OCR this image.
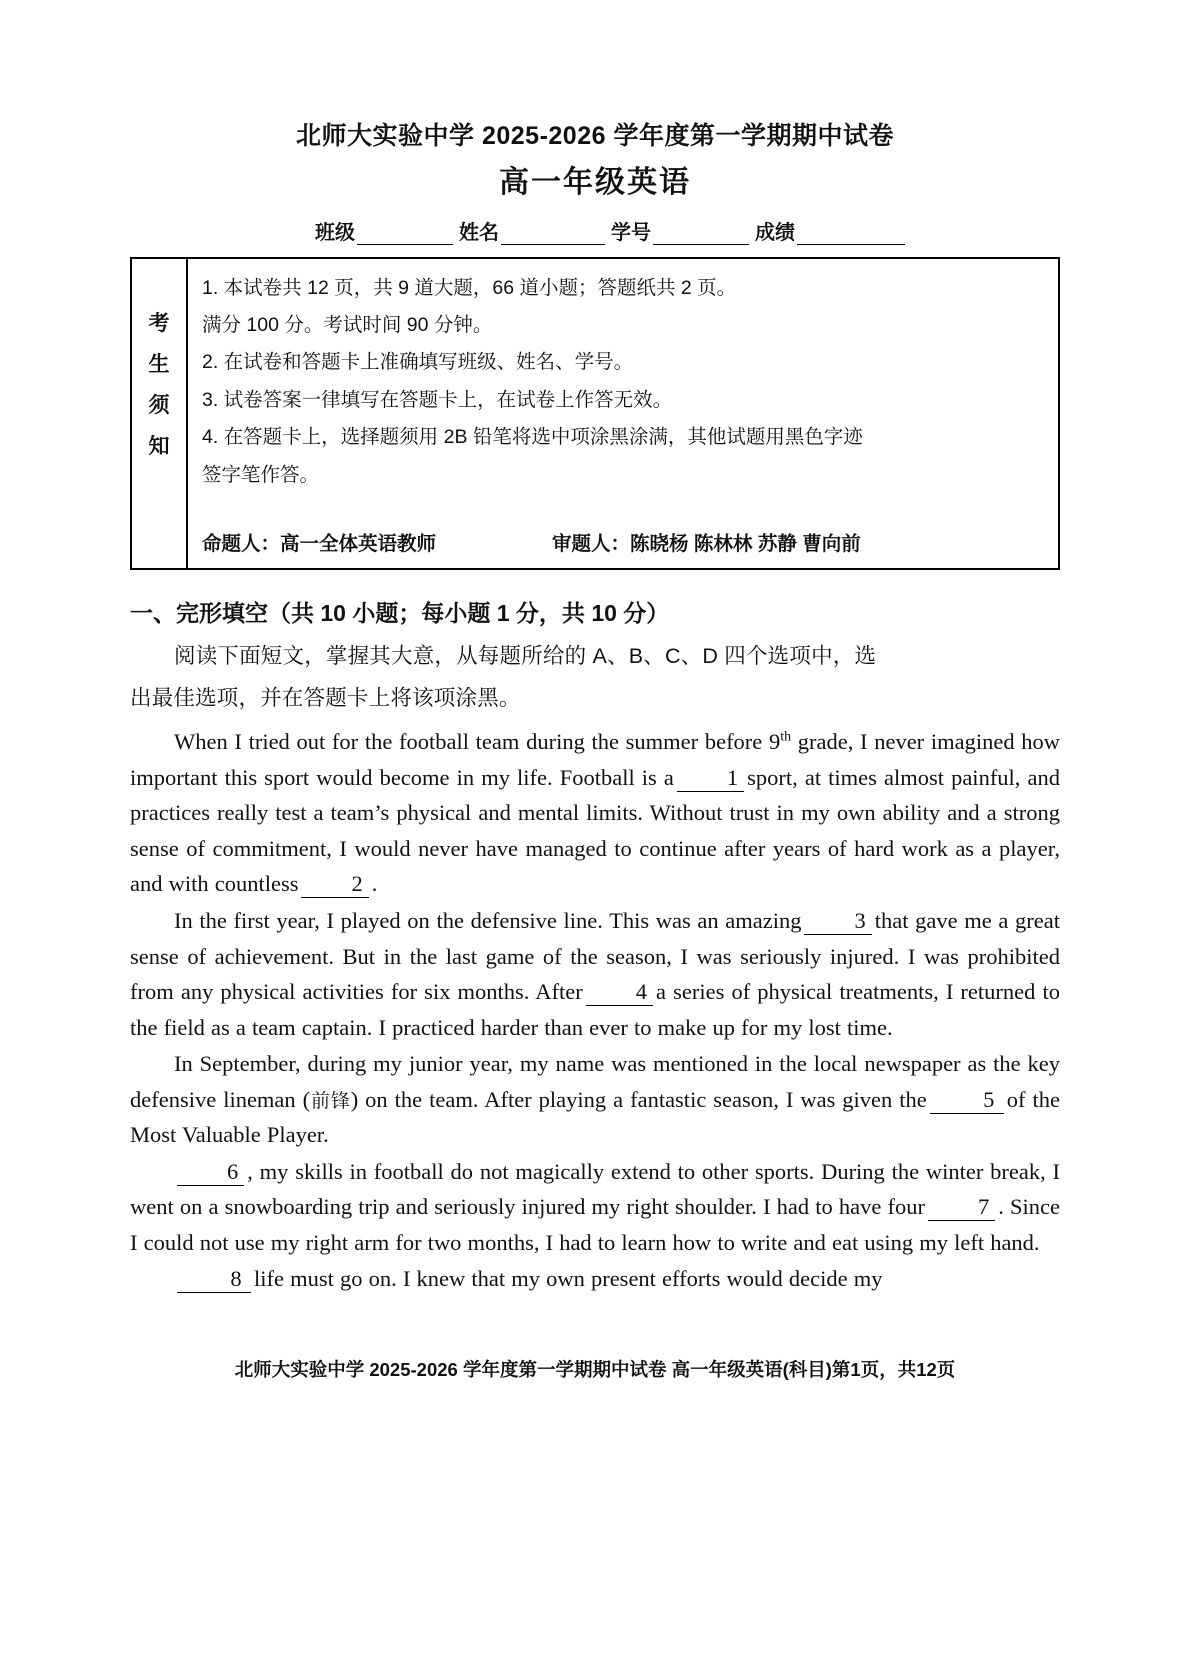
北师大实验中学 2025-2026 学年度第一学期期中试卷
高一年级英语
班级	姓名	学号	成绩
考
生
须
知
1. 本试卷共 12 页，共 9 道大题，66 道小题；答题纸共 2 页。
满分 100 分。考试时间 90 分钟。
2. 在试卷和答题卡上准确填写班级、姓名、学号。
3. 试卷答案一律填写在答题卡上，在试卷上作答无效。
4. 在答题卡上，选择题须用 2B 铅笔将选中项涂黑涂满，其他试题用黑色字迹
签字笔作答。
命题人：高一全体英语教师	审题人：陈晓杨 陈林林 苏静 曹向前
一、完形填空（共 10 小题；每小题 1 分，共 10 分）
阅读下面短文，掌握其大意，从每题所给的 A、B、C、D 四个选项中，选
出最佳选项，并在答题卡上将该项涂黑。

When I tried out for the football team during the summer before 9th grade, I never imagined how important this sport would become in my life. Football is a 1 sport, at times almost painful, and practices really test a team’s physical and mental limits. Without trust in my own ability and a strong sense of commitment, I would never have managed to continue after years of hard work as a player, and with countless 2 .

In the first year, I played on the defensive line. This was an amazing 3 that gave me a great sense of achievement. But in the last game of the season, I was seriously injured. I was prohibited from any physical activities for six months. After 4 a series of physical treatments, I returned to the field as a team captain. I practiced harder than ever to make up for my lost time.

In September, during my junior year, my name was mentioned in the local newspaper as the key defensive lineman (前锋) on the team. After playing a fantastic season, I was given the	5 of the Most Valuable Player.

6 , my skills in football do not magically extend to other sports. During the winter break, I went on a snowboarding trip and seriously injured my right shoulder. I had to have four 7 . Since I could not use my right arm for two months, I had to learn how to write and eat using my left hand.

8 life must go on. I knew that my own present efforts would decide my

北师大实验中学 2025-2026 学年度第一学期期中试卷 高一年级英语(科目)第1页，共12页
